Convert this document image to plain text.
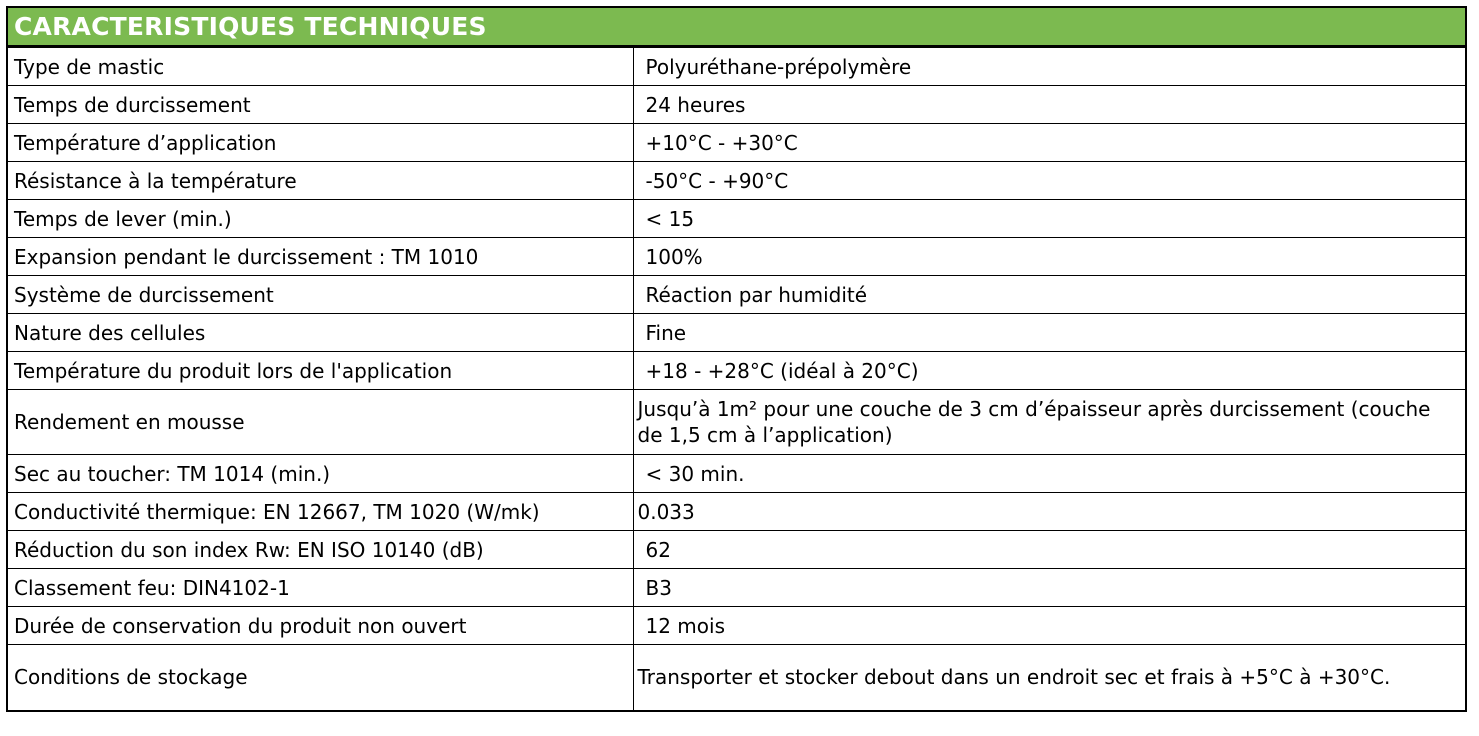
CARACTERISTIQUES TECHNIQUES
Type de mastic	Polyuréthane-prépolymère
Temps de durcissement	24 heures
Température d’application	+10°C - +30°C
Résistance à la température	-50°C - +90°C
Temps de lever (min.)	< 15
Expansion pendant le durcissement : TM 1010	100%
Système de durcissement	Réaction par humidité
Nature des cellules	Fine
Température du produit lors de l'application	+18 - +28°C (idéal à 20°C)
Rendement en mousse	Jusqu’à 1m² pour une couche de 3 cm d’épaisseur après durcissement (couche de 1,5 cm à l’application)
Sec au toucher: TM 1014 (min.)	< 30 min.
Conductivité thermique: EN 12667, TM 1020 (W/mk)	0.033
Réduction du son index Rw: EN ISO 10140 (dB)	62
Classement feu: DIN4102-1	B3
Durée de conservation du produit non ouvert	12 mois
Conditions de stockage	Transporter et stocker debout dans un endroit sec et frais à +5°C à +30°C.
